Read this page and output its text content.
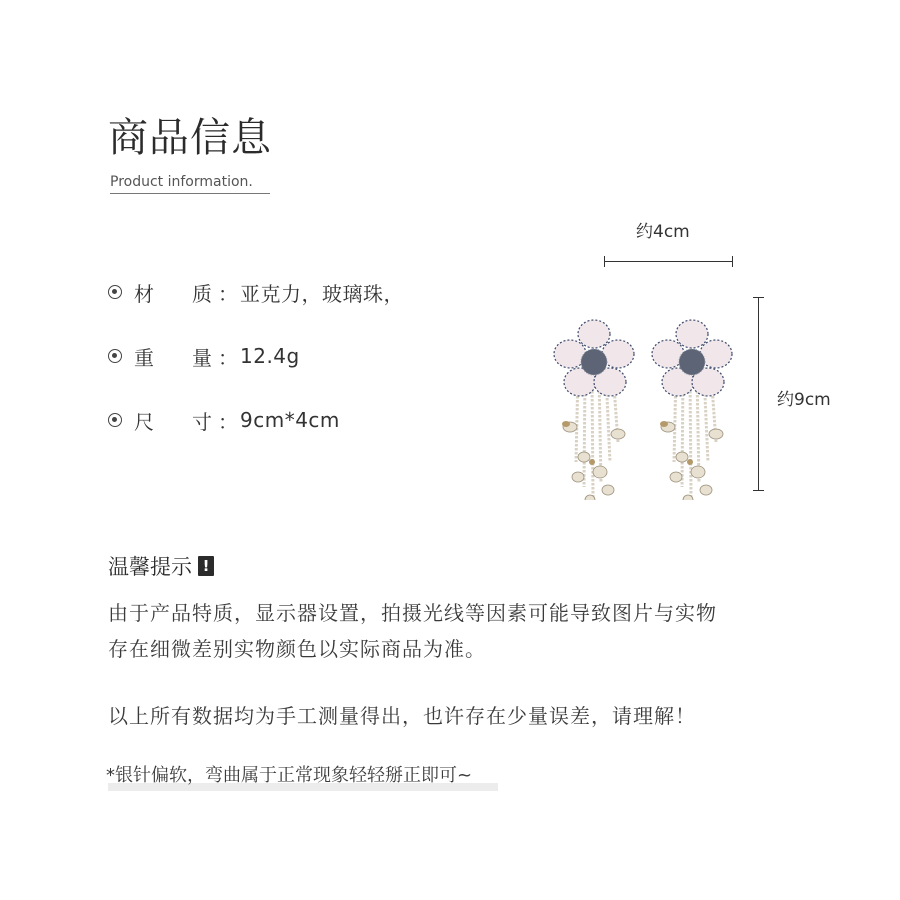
商品信息
Product information.
材	质 ： 亚克力，玻璃珠，
重	量 ： 12.4g
尺	寸 ： 9cm*4cm
约4cm
约9cm
温馨提示 !
由于产品特质，显示器设置，拍摄光线等因素可能导致图片与实物
存在细微差别实物颜色以实际商品为准。
以上所有数据均为手工测量得出，也许存在少量误差，请理解！
*银针偏软，弯曲属于正常现象轻轻掰正即可~
